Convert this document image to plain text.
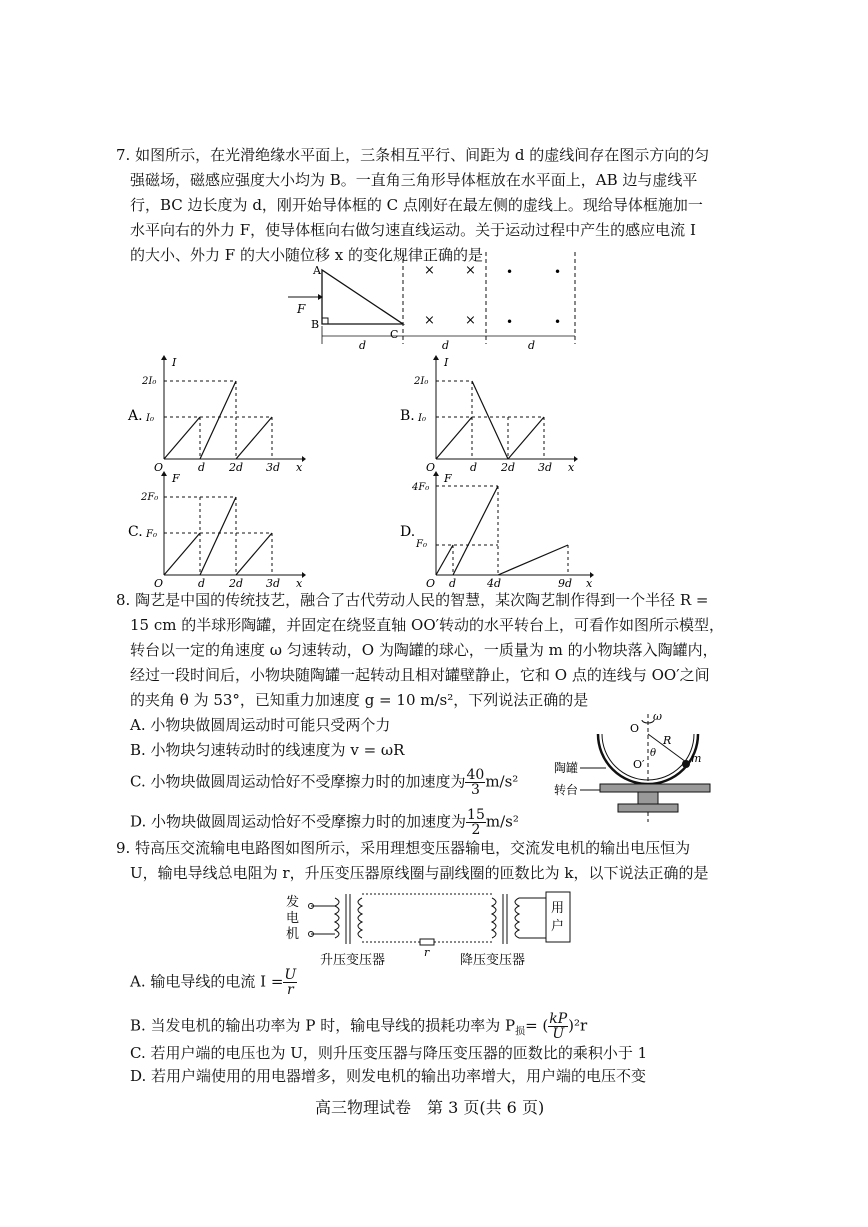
7. 如图所示，在光滑绝缘水平面上，三条相互平行、间距为 d 的虚线间存在图示方向的匀
强磁场，磁感应强度大小均为 B。一直角三角形导体框放在水平面上，AB 边与虚线平
行，BC 边长度为 d，刚开始导体框的 C 点刚好在最左侧的虚线上。现给导体框施加一
水平向右的外力 F，使导体框向右做匀速直线运动。关于运动过程中产生的感应电流 I
的大小、外力 F 的大小随位移 x 的变化规律正确的是
F
A
B
C
× ×
× ×
•	•
•	•
d	d	d
A.
I
2I₀
I₀
O	d 2d 3d x
B.
I
2I₀
I₀
O	d 2d 3d x
C.
F
2F₀
F₀
O	d 2d 3d x
D.
F
4F₀
F₀
O d	4d	9d x
8. 陶艺是中国的传统技艺，融合了古代劳动人民的智慧，某次陶艺制作得到一个半径 R =
15 cm 的半球形陶罐，并固定在绕竖直轴 OO′转动的水平转台上，可看作如图所示模型，
转台以一定的角速度 ω 匀速转动，O 为陶罐的球心，一质量为 m 的小物块落入陶罐内，
经过一段时间后，小物块随陶罐一起转动且相对罐壁静止，它和 O 点的连线与 OO′之间
的夹角 θ 为 53°，已知重力加速度 g = 10 m/s²，下列说法正确的是
A. 小物块做圆周运动时可能只受两个力
B. 小物块匀速转动时的线速度为 v = ωR
C. 小物块做圆周运动恰好不受摩擦力时的加速度为 $\frac{40}{3} m/s^2$
D. 小物块做圆周运动恰好不受摩擦力时的加速度为 $\frac{15}{2} m/s^2$
ω
O
R
θ	m
O′
陶罐
转台
9. 特高压交流输电电路图如图所示，采用理想变压器输电，交流发电机的输出电压恒为
U，输电导线总电阻为 r，升压变压器原线圈与副线圈的匝数比为 k，以下说法正确的是
发
电
机
r
用
户
升压变压器	降压变压器
A. 输电导线的电流 $I = \frac{U}{r}$
B. 当发电机的输出功率为 P 时，输电导线的损耗功率为 $P_损=$ ( $\frac{kP}{U} )^2r$
C. 若用户端的电压也为 U，则升压变压器与降压变压器的匝数比的乘积小于 1
D. 若用户端使用的用电器增多，则发电机的输出功率增大，用户端的电压不变
高三物理试卷　第 3 页(共 6 页)
